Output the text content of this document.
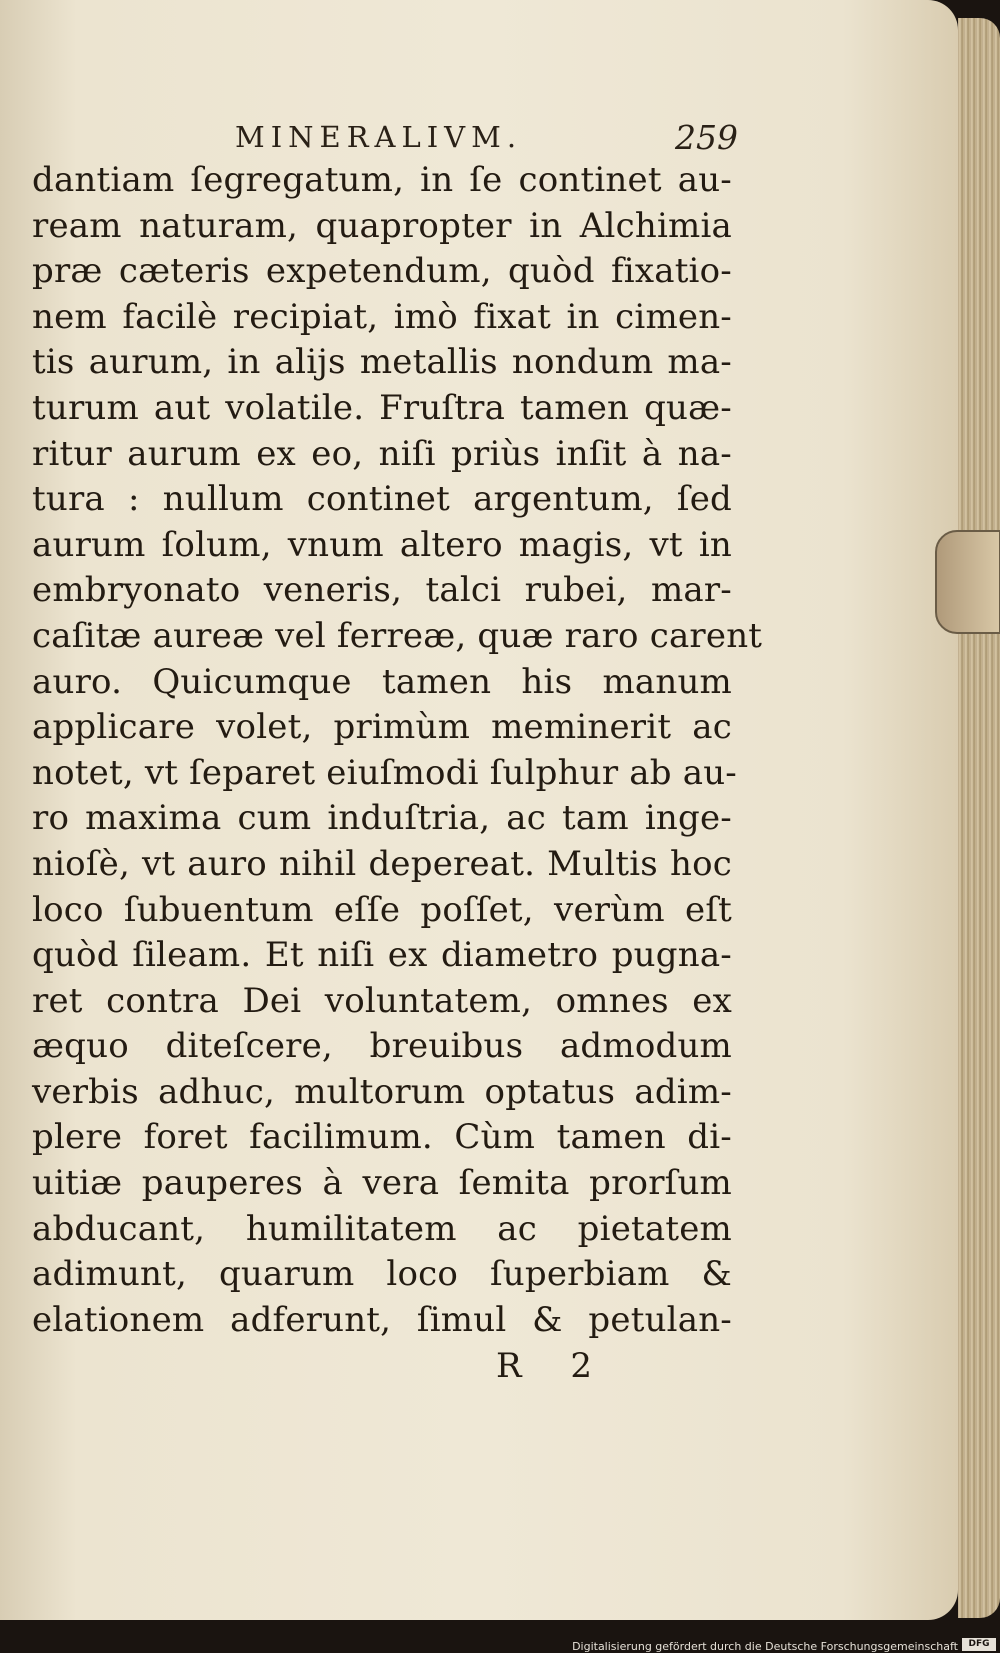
MINERALIVM.	259
dantiam ſegregatum, in ſe continet au-
ream naturam, quapropter in Alchimia
præ cæteris expetendum, quòd fixatio-
nem facilè recipiat, imò fixat in cimen-
tis aurum, in alijs metallis nondum ma-
turum aut volatile. Fruſtra tamen quæ-
ritur aurum ex eo, niſi priùs inſit à na-
tura : nullum continet argentum, ſed
aurum ſolum, vnum altero magis, vt in
embryonato veneris, talci rubei, mar-
caſitæ aureæ vel ferreæ, quæ raro carent
auro. Quicumque tamen his manum
applicare volet, primùm meminerit ac
notet, vt ſeparet eiuſmodi ſulphur ab au-
ro maxima cum induſtria, ac tam inge-
nioſè, vt auro nihil depereat. Multis hoc
loco ſubuentum eſſe poſſet, verùm eſt
quòd ſileam. Et niſi ex diametro pugna-
ret contra Dei voluntatem, omnes ex
æquo diteſcere, breuibus admodum
verbis adhuc, multorum optatus adim-
plere foret facilimum. Cùm tamen di-
uitiæ pauperes à vera ſemita prorſum
abducant, humilitatem ac pietatem
adimunt, quarum loco ſuperbiam &
elationem adferunt, ſimul & petulan-
R 2
Digitalisierung gefördert durch die Deutsche Forschungsgemeinschaft	DFG
